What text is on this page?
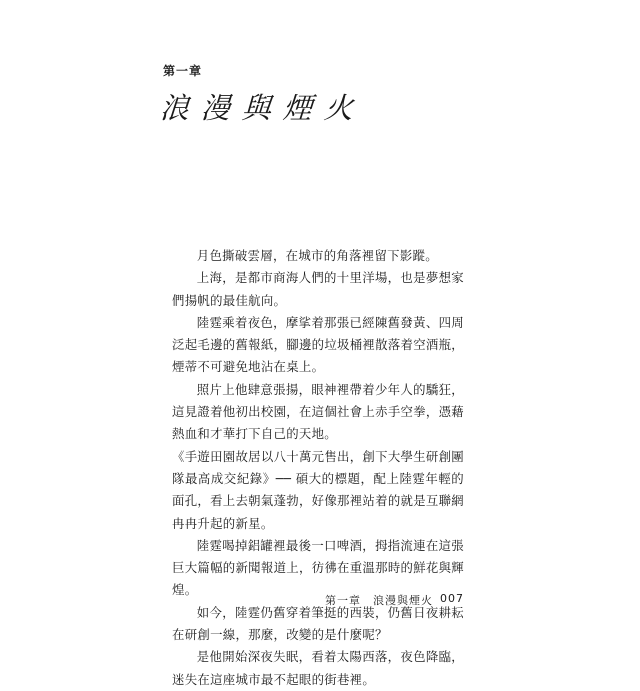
第一章
浪漫與煙火

月色撕破雲層，在城市的角落裡留下影蹤。

上海，是都市商海人們的十里洋場，也是夢想家們揚帆的最佳航向。

陸霆乘着夜色，摩挲着那張已經陳舊發黃、四周泛起毛邊的舊報紙，腳邊的垃圾桶裡散落着空酒瓶，煙蒂不可避免地沾在桌上。

照片上他肆意張揚，眼神裡帶着少年人的驕狂，這見證着他初出校園，在這個社會上赤手空拳，憑藉熱血和才華打下自己的天地。

《手遊田園故居以八十萬元售出，創下大學生研創團隊最高成交紀錄》── 碩大的標題，配上陸霆年輕的面孔，看上去朝氣蓬勃，好像那裡站着的就是互聯網冉冉升起的新星。

陸霆喝掉鋁罐裡最後一口啤酒，拇指流連在這張巨大篇幅的新聞報道上，彷彿在重溫那時的鮮花與輝煌。

如今，陸霆仍舊穿着筆挺的西裝，仍舊日夜耕耘在研創一線，那麼，改變的是什麼呢？

是他開始深夜失眠，看着太陽西落，夜色降臨，迷失在這座城市最不起眼的街巷裡。

第一章　浪漫與煙火 007
